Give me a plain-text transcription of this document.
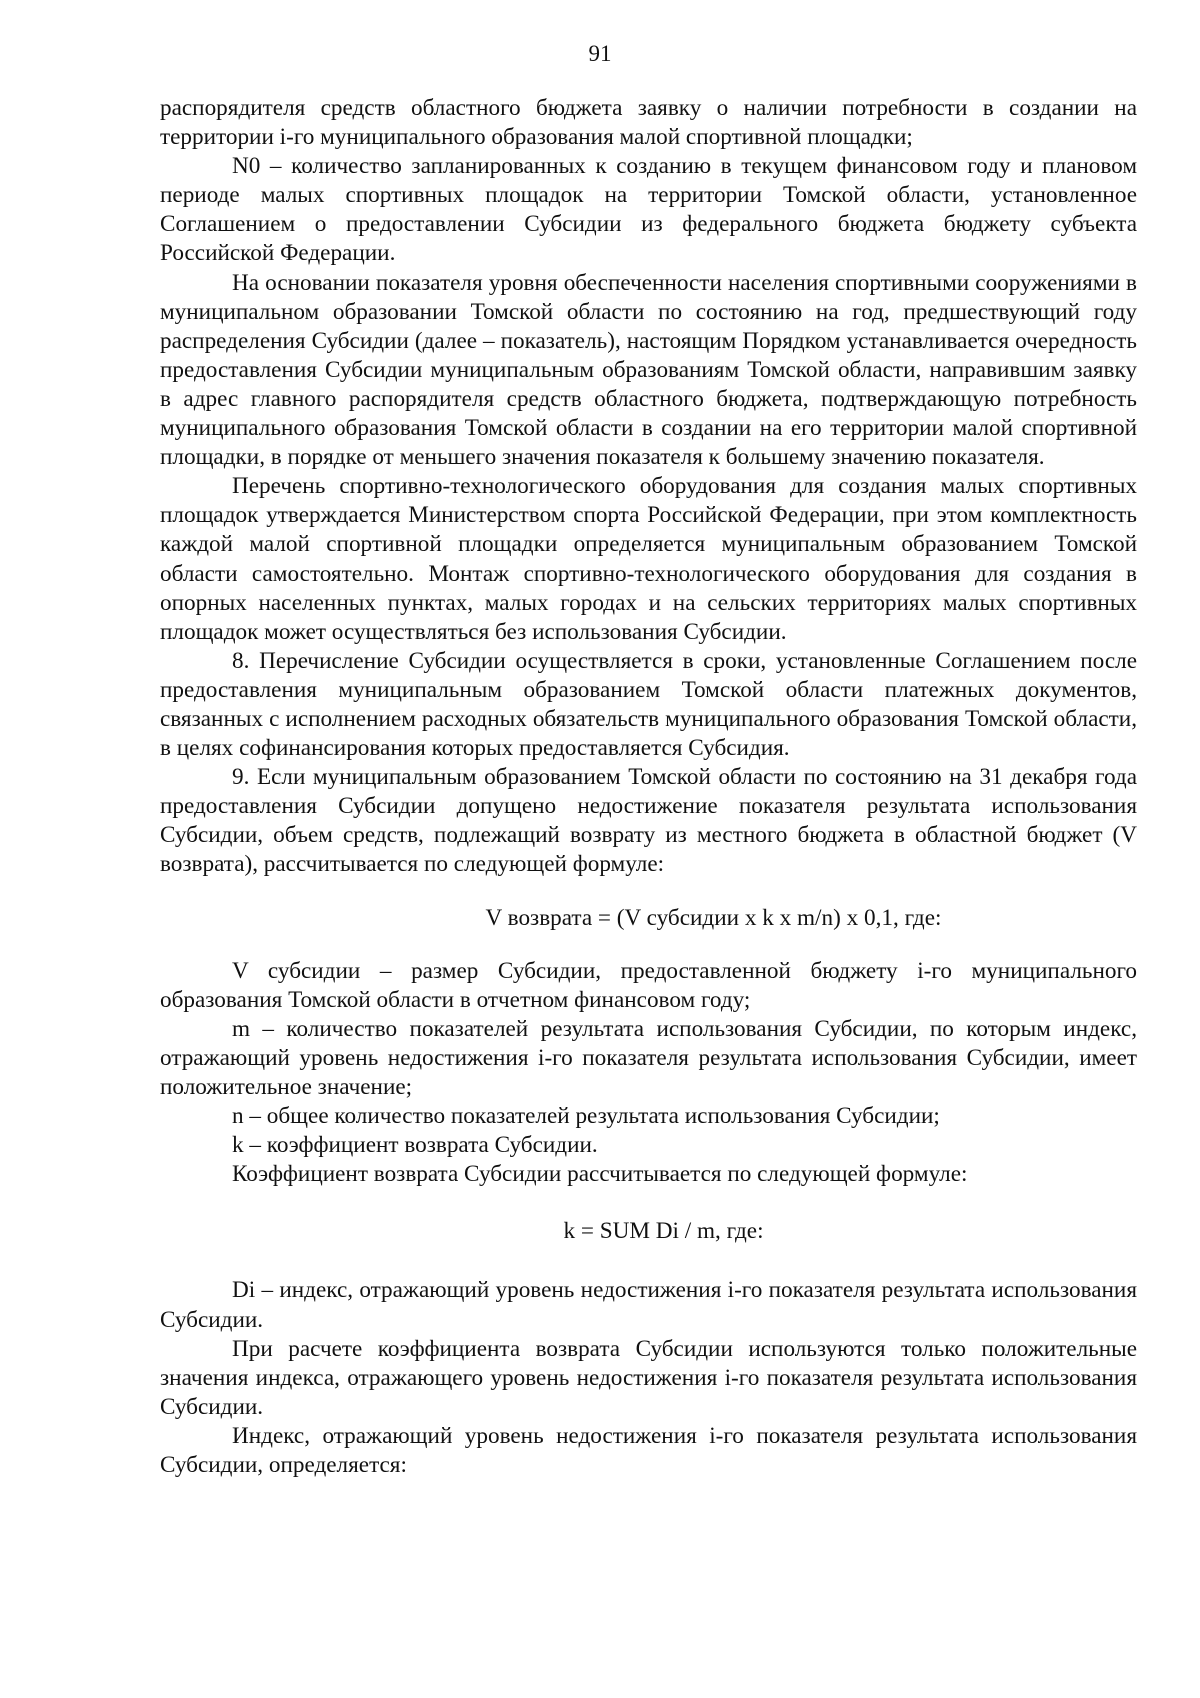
91

распорядителя средств областного бюджета заявку о наличии потребности в создании на территории i-го муниципального образования малой спортивной площадки;

N0 – количество запланированных к созданию в текущем финансовом году и плановом периоде малых спортивных площадок на территории Томской области, установленное Соглашением о предоставлении Субсидии из федерального бюджета бюджету субъекта Российской Федерации.

На основании показателя уровня обеспеченности населения спортивными сооружениями в муниципальном образовании Томской области по состоянию на год, предшествующий году распределения Субсидии (далее – показатель), настоящим Порядком устанавливается очередность предоставления Субсидии муниципальным образованиям Томской области, направившим заявку в адрес главного распорядителя средств областного бюджета, подтверждающую потребность муниципального образования Томской области в создании на его территории малой спортивной площадки, в порядке от меньшего значения показателя к большему значению показателя.

Перечень спортивно-технологического оборудования для создания малых спортивных площадок утверждается Министерством спорта Российской Федерации, при этом комплектность каждой малой спортивной площадки определяется муниципальным образованием Томской области самостоятельно. Монтаж спортивно-технологического оборудования для создания в опорных населенных пунктах, малых городах и на сельских территориях малых спортивных площадок может осуществляться без использования Субсидии.

8. Перечисление Субсидии осуществляется в сроки, установленные Соглашением после предоставления муниципальным образованием Томской области платежных документов, связанных с исполнением расходных обязательств муниципального образования Томской области, в целях софинансирования которых предоставляется Субсидия.

9. Если муниципальным образованием Томской области по состоянию на 31 декабря года предоставления Субсидии допущено недостижение показателя результата использования Субсидии, объем средств, подлежащий возврату из местного бюджета в областной бюджет (V возврата), рассчитывается по следующей формуле:

V возврата = (V субсидии x k x m/n) x 0,1, где:

V субсидии – размер Субсидии, предоставленной бюджету i-го муниципального образования Томской области в отчетном финансовом году;

m – количество показателей результата использования Субсидии, по которым индекс, отражающий уровень недостижения i-го показателя результата использования Субсидии, имеет положительное значение;

n – общее количество показателей результата использования Субсидии;

k – коэффициент возврата Субсидии.

Коэффициент возврата Субсидии рассчитывается по следующей формуле:

k = SUM Di / m, где:

Di – индекс, отражающий уровень недостижения i-го показателя результата использования Субсидии.

При расчете коэффициента возврата Субсидии используются только положительные значения индекса, отражающего уровень недостижения i-го показателя результата использования Субсидии.

Индекс, отражающий уровень недостижения i-го показателя результата использования Субсидии, определяется:
